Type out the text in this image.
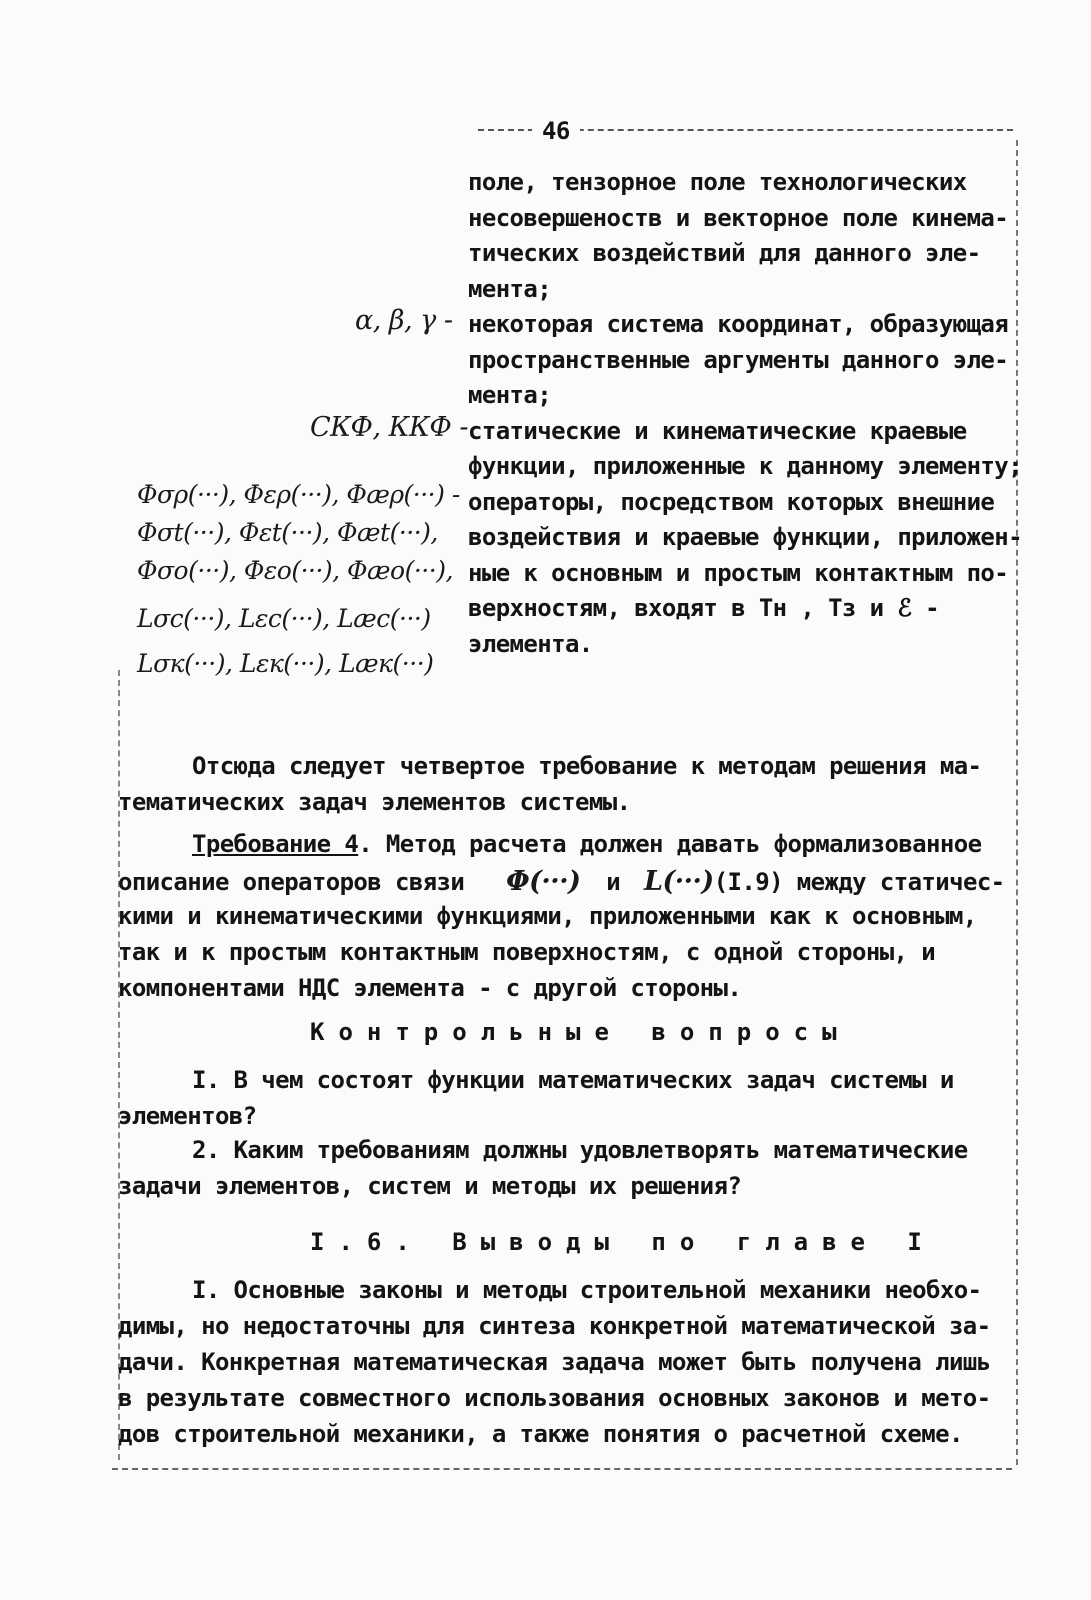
46
поле, тензорное поле технологических
несовершеноств и векторное поле кинема-
тических воздействий для данного эле-
мента;
некоторая система координат, образующая
пространственные аргументы данного эле-
мента;
статические и кинематические краевые
функции, приложенные к данному элементу;
операторы, посредством которых внешние
воздействия и краевые функции, приложен-
ные к основным и простым контактным по-
верхностям, входят в Tн , Tз и ℰ -
элемента.
α, β, γ -
СКФ, ККФ -
Φσρ(···), Φερ(···), Φæρ(···) -
Φσt(···), Φεt(···), Φæt(···),
Φσo(···), Φεo(···), Φæo(···),
Lσc(···), Lεc(···), Læc(···)
Lσк(···), Lεк(···), Læк(···)
Отсюда следует четвертое требование к методам решения ма-
тематических задач элементов системы.
Требование 4. Метод расчета должен давать формализованное
описание операторов связи Φ(···) и L(···)(I.9) между статичес-
кими и кинематическими функциями, приложенными как к основным,
так и к простым контактным поверхностям, с одной стороны, и
компонентами НДС элемента - с другой стороны.
Контрольные вопросы
I. В чем состоят функции математических задач системы и
элементов?
2. Каким требованиям должны удовлетворять математические
задачи элементов, систем и методы их решения?
I.6. Выводы по главе I
I. Основные законы и методы строительной механики необхо-
димы, но недостаточны для синтеза конкретной математической за-
дачи. Конкретная математическая задача может быть получена лишь
в результате совместного использования основных законов и мето-
дов строительной механики, а также понятия о расчетной схеме.
